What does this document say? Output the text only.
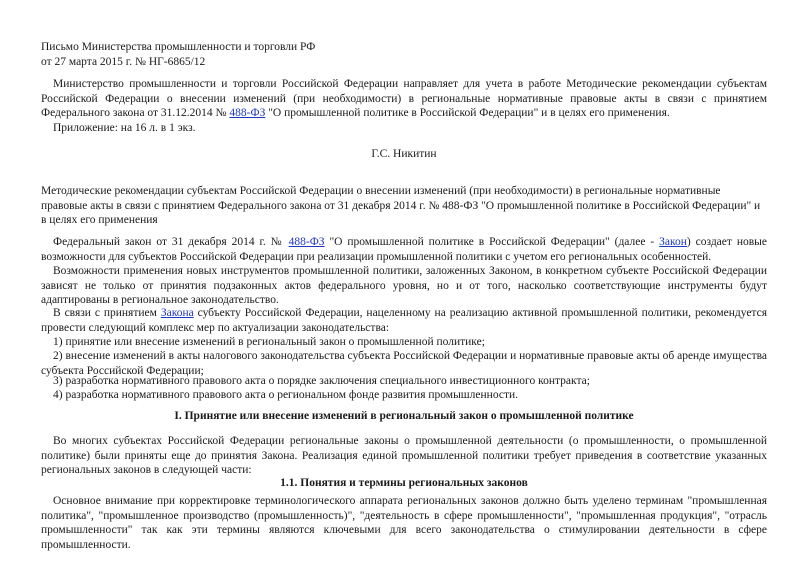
Письмо Министерства промышленности и торговли РФ
от 27 марта 2015 г. № НГ-6865/12

Министерство промышленности и торговли Российской Федерации направляет для учета в работе Методические рекомендации субъектам Российской Федерации о внесении изменений (при необходимости) в региональные нормативные правовые акты в связи с принятием Федерального закона от 31.12.2014 № 488-ФЗ "О промышленной политике в Российской Федерации" и в целях его применения.

Приложение: на 16 л. в 1 экз.

Г.С. Никитин

Методические рекомендации субъектам Российской Федерации о внесении изменений (при необходимости) в региональные нормативные правовые акты в связи с принятием Федерального закона от 31 декабря 2014 г. № 488-ФЗ "О промышленной политике в Российской Федерации" и в целях его применения

Федеральный закон от 31 декабря 2014 г. № 488-ФЗ "О промышленной политике в Российской Федерации" (далее - Закон) создает новые возможности для субъектов Российской Федерации при реализации промышленной политики с учетом его региональных особенностей.

Возможности применения новых инструментов промышленной политики, заложенных Законом, в конкретном субъекте Российской Федерации зависят не только от принятия подзаконных актов федерального уровня, но и от того, насколько соответствующие инструменты будут адаптированы в региональное законодательство.

В связи с принятием Закона субъекту Российской Федерации, нацеленному на реализацию активной промышленной политики, рекомендуется провести следующий комплекс мер по актуализации законодательства:

1) принятие или внесение изменений в региональный закон о промышленной политике;

2) внесение изменений в акты налогового законодательства субъекта Российской Федерации и нормативные правовые акты об аренде имущества субъекта Российской Федерации;

3) разработка нормативного правового акта о порядке заключения специального инвестиционного контракта;

4) разработка нормативного правового акта о региональном фонде развития промышленности.

I. Принятие или внесение изменений в региональный закон о промышленной политике

Во многих субъектах Российской Федерации региональные законы о промышленной деятельности (о промышленности, о промышленной политике) были приняты еще до принятия Закона. Реализация единой промышленной политики требует приведения в соответствие указанных региональных законов в следующей части:

1.1. Понятия и термины региональных законов

Основное внимание при корректировке терминологического аппарата региональных законов должно быть уделено терминам "промышленная политика", "промышленное производство (промышленность)", "деятельность в сфере промышленности", "промышленная продукция", "отрасль промышленности" так как эти термины являются ключевыми для всего законодательства о стимулировании деятельности в сфере промышленности.
